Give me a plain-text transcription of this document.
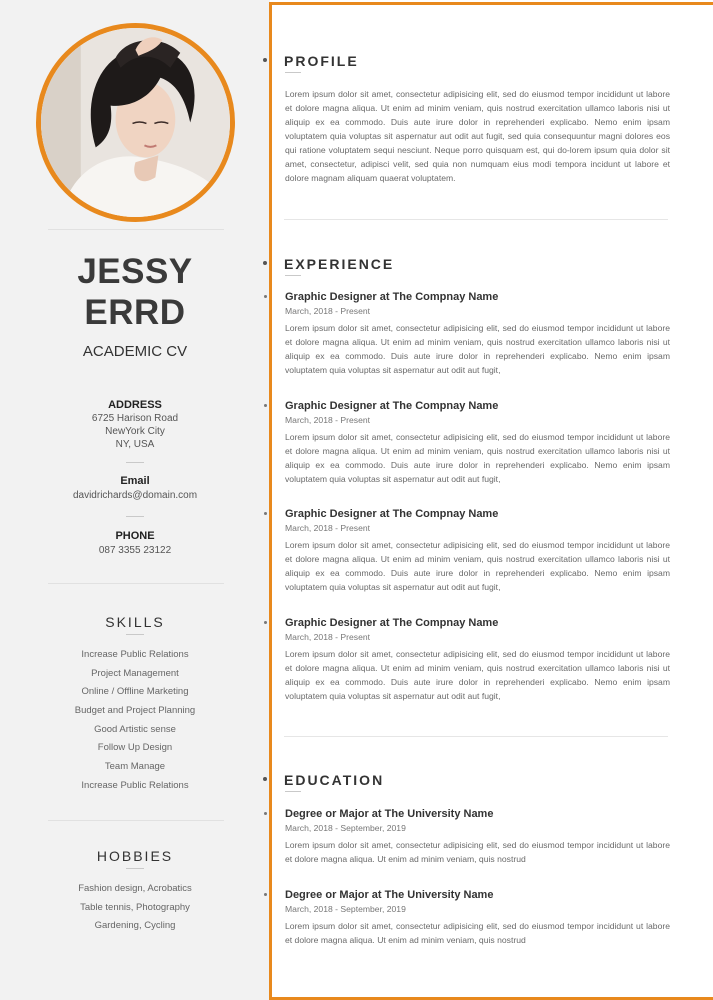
JESSY
ERRD
ACADEMIC CV
ADDRESS
6725 Harison Road
NewYork City
NY, USA
Email
davidrichards@domain.com
PHONE
087 3355 23122
SKILLS
Increase Public Relations
Project Management
Online / Offline Marketing
Budget and Project Planning
Good Artistic sense
Follow Up Design
Team Manage
Increase Public Relations
HOBBIES
Fashion design, Acrobatics
Table tennis, Photography
Gardening, Cycling
PROFILE
Lorem ipsum dolor sit amet, consectetur adipisicing elit, sed do eiusmod tempor incididunt ut labore et dolore magna aliqua. Ut enim ad minim veniam, quis nostrud exercitation ullamco laboris nisi ut aliquip ex ea commodo. Duis aute irure dolor in reprehenderi explicabo. Nemo enim ipsam voluptatem quia voluptas sit aspernatur aut odit aut fugit, sed quia consequuntur magni dolores eos qui ratione voluptatem sequi nesciunt. Neque porro quisquam est, qui do-lorem ipsum quia dolor sit amet, consectetur, adipisci velit, sed quia non numquam eius modi tempora incidunt ut labore et dolore magnam aliquam quaerat voluptatem.
EXPERIENCE
Graphic Designer at The Compnay Name
March, 2018 - Present
Lorem ipsum dolor sit amet, consectetur adipisicing elit, sed do eiusmod tempor incididunt ut labore et dolore magna aliqua. Ut enim ad minim veniam, quis nostrud exercitation ullamco laboris nisi ut aliquip ex ea commodo. Duis aute irure dolor in reprehenderi explicabo. Nemo enim ipsam voluptatem quia voluptas sit aspernatur aut odit aut fugit,
Graphic Designer at The Compnay Name
March, 2018 - Present
Lorem ipsum dolor sit amet, consectetur adipisicing elit, sed do eiusmod tempor incididunt ut labore et dolore magna aliqua. Ut enim ad minim veniam, quis nostrud exercitation ullamco laboris nisi ut aliquip ex ea commodo. Duis aute irure dolor in reprehenderi explicabo. Nemo enim ipsam voluptatem quia voluptas sit aspernatur aut odit aut fugit,
Graphic Designer at The Compnay Name
March, 2018 - Present
Lorem ipsum dolor sit amet, consectetur adipisicing elit, sed do eiusmod tempor incididunt ut labore et dolore magna aliqua. Ut enim ad minim veniam, quis nostrud exercitation ullamco laboris nisi ut aliquip ex ea commodo. Duis aute irure dolor in reprehenderi explicabo. Nemo enim ipsam voluptatem quia voluptas sit aspernatur aut odit aut fugit,
Graphic Designer at The Compnay Name
March, 2018 - Present
Lorem ipsum dolor sit amet, consectetur adipisicing elit, sed do eiusmod tempor incididunt ut labore et dolore magna aliqua. Ut enim ad minim veniam, quis nostrud exercitation ullamco laboris nisi ut aliquip ex ea commodo. Duis aute irure dolor in reprehenderi explicabo. Nemo enim ipsam voluptatem quia voluptas sit aspernatur aut odit aut fugit,
EDUCATION
Degree or Major at The University Name
March, 2018 - September, 2019
Lorem ipsum dolor sit amet, consectetur adipisicing elit, sed do eiusmod tempor incididunt ut labore et dolore magna aliqua. Ut enim ad minim veniam, quis nostrud
Degree or Major at The University Name
March, 2018 - September, 2019
Lorem ipsum dolor sit amet, consectetur adipisicing elit, sed do eiusmod tempor incididunt ut labore et dolore magna aliqua. Ut enim ad minim veniam, quis nostrud
